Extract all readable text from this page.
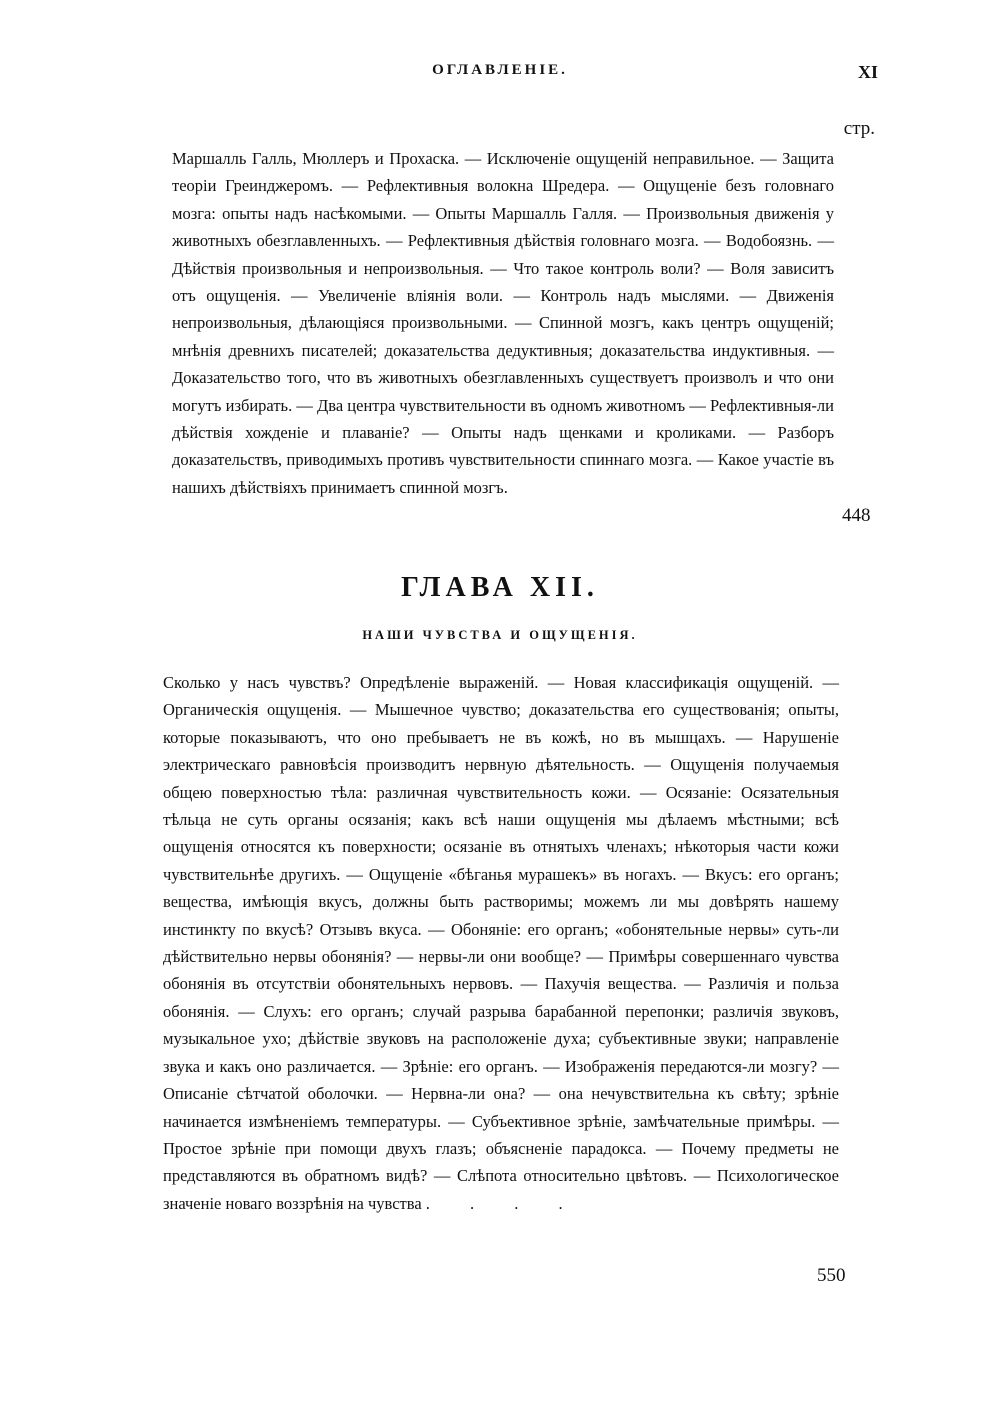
ОГЛАВЛЕНІЕ.	XI
стр.

Маршалль Галль, Мюллеръ и Прохаска. — Исключеніе ощущеній неправильное. — Защита теоріи Греинджеромъ. — Рефлективныя волокна Шредера. — Ощущеніе безъ головнаго мозга: опыты надъ насѣкомыми. — Опыты Маршалль Галля. — Произвольныя движенія у животныхъ обезглавленныхъ. — Рефлективныя дѣйствія головнаго мозга. — Водобоязнь. — Дѣйствія произвольныя и непроизвольныя. — Что такое контроль воли? — Воля зависитъ отъ ощущенія. — Увеличеніе вліянія воли. — Контроль надъ мыслями. — Движенія непроизвольныя, дѣлающіяся произвольными. — Спинной мозгъ, какъ центръ ощущеній; мнѣнія древнихъ писателей; доказательства дедуктивныя; доказательства индуктивныя. — Доказательство того, что въ животныхъ обезглавленныхъ существуетъ произволъ и что они могутъ избирать. — Два центра чувствительности въ одномъ животномъ — Рефлективныя-ли дѣйствія хожденіе и плаваніе? — Опыты надъ щенками и кроликами. — Разборъ доказательствъ, приводимыхъ противъ чувствительности спиннаго мозга. — Какое участіе въ нашихъ дѣйствіяхъ принимаетъ спинной мозгъ.

448
ГЛАВА XII.
НАШИ ЧУВСТВА И ОЩУЩЕНІЯ.

Сколько у насъ чувствъ? Опредѣленіе выраженій. — Новая классификація ощущеній. — Органическія ощущенія. — Мышечное чувство; доказательства его существованія; опыты, которые показываютъ, что оно пребываетъ не въ кожѣ, но въ мышцахъ. — Нарушеніе электрическаго равновѣсія производитъ нервную дѣятельность. — Ощущенія получаемыя общею поверхностью тѣла: различная чувствительность кожи. — Осязаніе: Осязательныя тѣльца не суть органы осязанія; какъ всѣ наши ощущенія мы дѣлаемъ мѣстными; всѣ ощущенія относятся къ поверхности; осязаніе въ отнятыхъ членахъ; нѣкоторыя части кожи чувствительнѣе другихъ. — Ощущеніе «бѣганья мурашекъ» въ ногахъ. — Вкусъ: его органъ; вещества, имѣющія вкусъ, должны быть растворимы; можемъ ли мы довѣрять нашему инстинкту по вкусѣ? Отзывъ вкуса. — Обоняніе: его органъ; «обонятельные нервы» суть-ли дѣйствительно нервы обонянія? — нервы-ли они вообще? — Примѣры совершеннаго чувства обонянія въ отсутствіи обонятельныхъ нервовъ. — Пахучія вещества. — Различія и польза обонянія. — Слухъ: его органъ; случай разрыва барабанной перепонки; различія звуковъ, музыкальное ухо; дѣйствіе звуковъ на расположеніе духа; субъективные звуки; направленіе звука и какъ оно различается. — Зрѣніе: его органъ. — Изображенія передаются-ли мозгу? — Описаніе сѣтчатой оболочки. — Нервна-ли она? — она нечувствительна къ свѣту; зрѣніе начинается измѣненіемъ температуры. — Субъективное зрѣніе, замѣчательные примѣры. — Простое зрѣніе при помощи двухъ глазъ; объясненіе парадокса. — Почему предметы не представляются въ обратномъ видѣ? — Слѣпота относительно цвѣтовъ. — Психологическое значеніе новаго воззрѣнія на чувства . . . .

550
